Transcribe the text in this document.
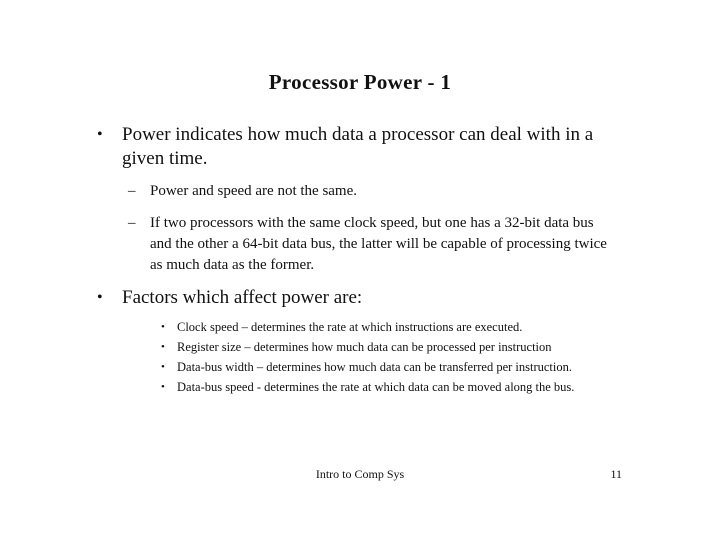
Processor Power - 1
• Power indicates how much data a processor can deal with in a given time.
– Power and speed are not the same.
– If two processors with the same clock speed, but one has a 32-bit data bus and the other a 64-bit data bus, the latter will be capable of processing twice as much data as the former.
• Factors which affect power are:
• Clock speed – determines the rate at which instructions are executed.
• Register size – determines how much data can be processed per instruction
• Data-bus width – determines how much data can be transferred per instruction.
• Data-bus speed - determines the rate at which data can be moved along the bus.
Intro to Comp Sys	11
